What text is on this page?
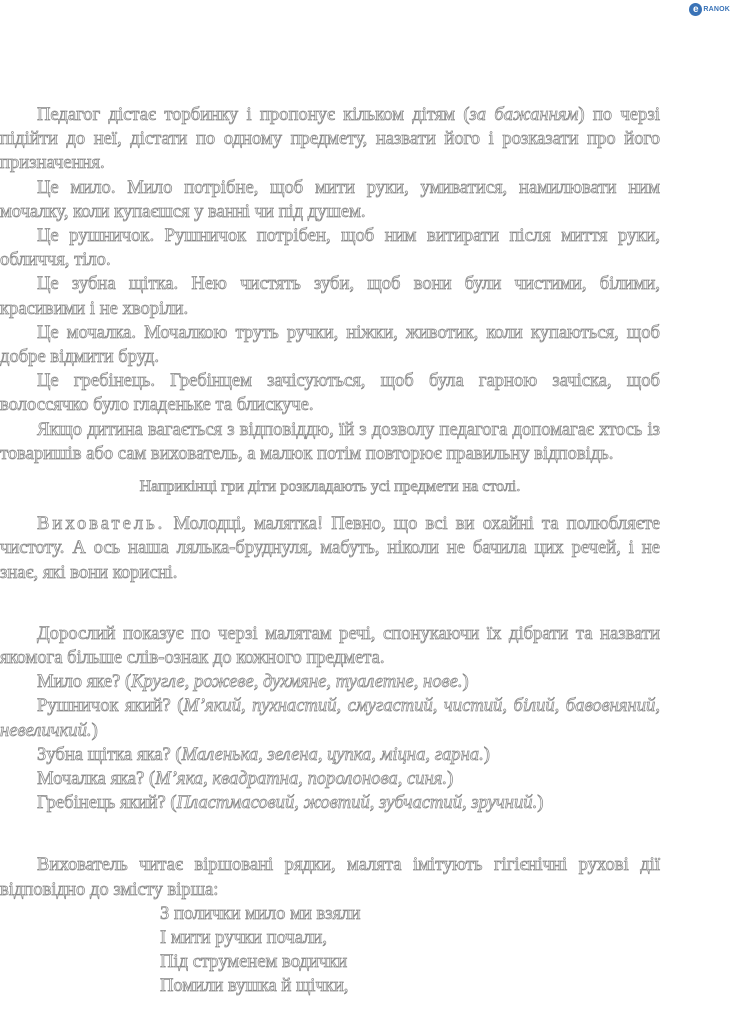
e RANOK

Педагог дістає торбинку і пропонує кільком дітям (за бажанням) по черзі підійти до неї, дістати по одному предмету, назвати його і розказати про його призначення.

Це мило. Мило потрібне, щоб мити руки, умиватися, намилювати ним мочалку, коли купаєшся у ванні чи під душем.

Це рушничок. Рушничок потрібен, щоб ним витирати після миття руки, обличчя, тіло.

Це зубна щітка. Нею чистять зуби, щоб вони були чистими, білими, красивими і не хворіли.

Це мочалка. Мочалкою труть ручки, ніжки, животик, коли купаються, щоб добре відмити бруд.

Це гребінець. Гребінцем зачісуються, щоб була гарною зачіска, щоб волоссячко було гладеньке та блискуче.

Якщо дитина вагається з відповіддю, їй з дозволу педагога допомагає хтось із товаришів або сам вихователь, а малюк потім повторює правильну відповідь.

Наприкінці гри діти розкладають усі предмети на столі.

Вихователь. Молодці, малятка! Певно, що всі ви охайні та полюбляєте чистоту. А ось наша лялька-бруднуля, мабуть, ніколи не бачила цих речей, і не знає, які вони корисні.

Дорослий показує по черзі малятам речі, спонукаючи їх дібрати та назвати якомога більше слів-ознак до кожного предмета.

Мило яке? (Кругле, рожеве, духмяне, туалетне, нове.)

Рушничок який? (М’який, пухнастий, смугастий, чистий, білий, бавовняний, невеличкий.)

Зубна щітка яка? (Маленька, зелена, цупка, міцна, гарна.)

Мочалка яка? (М’яка, квадратна, поролонова, синя.)

Гребінець який? (Пластмасовий, жовтий, зубчастий, зручний.)

Вихователь читає віршовані рядки, малята імітують гігієнічні рухові дії відповідно до змісту вірша:

З полички мило ми взяли

І мити ручки почали,

Під струменем водички

Помили вушка й щічки,
